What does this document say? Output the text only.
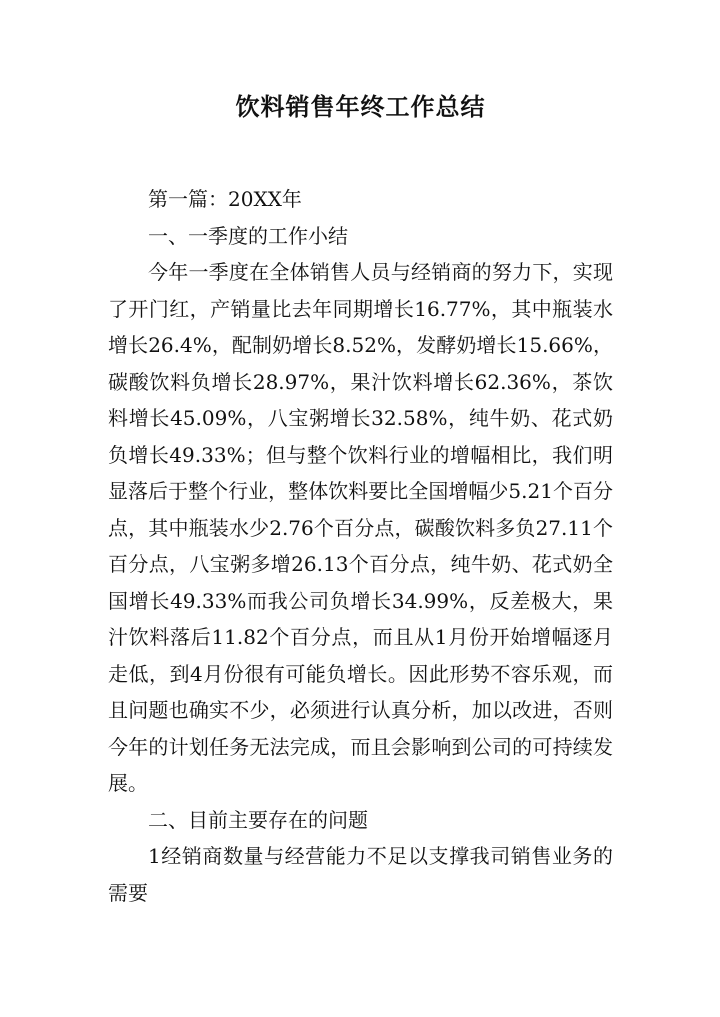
饮料销售年终工作总结

第一篇：20XX年

一、一季度的工作小结

今年一季度在全体销售人员与经销商的努力下，实现了开门红，产销量比去年同期增长16.77%，其中瓶装水增长26.4%，配制奶增长8.52%，发酵奶增长15.66%，碳酸饮料负增长28.97%，果汁饮料增长62.36%，茶饮料增长45.09%，八宝粥增长32.58%，纯牛奶、花式奶负增长49.33%；但与整个饮料行业的增幅相比，我们明显落后于整个行业，整体饮料要比全国增幅少5.21个百分点，其中瓶装水少2.76个百分点，碳酸饮料多负27.11个百分点，八宝粥多增26.13个百分点，纯牛奶、花式奶全国增长49.33%而我公司负增长34.99%，反差极大，果汁饮料落后11.82个百分点，而且从1月份开始增幅逐月走低，到4月份很有可能负增长。因此形势不容乐观，而且问题也确实不少，必须进行认真分析，加以改进，否则今年的计划任务无法完成，而且会影响到公司的可持续发展。

二、目前主要存在的问题

1经销商数量与经营能力不足以支撑我司销售业务的需要
